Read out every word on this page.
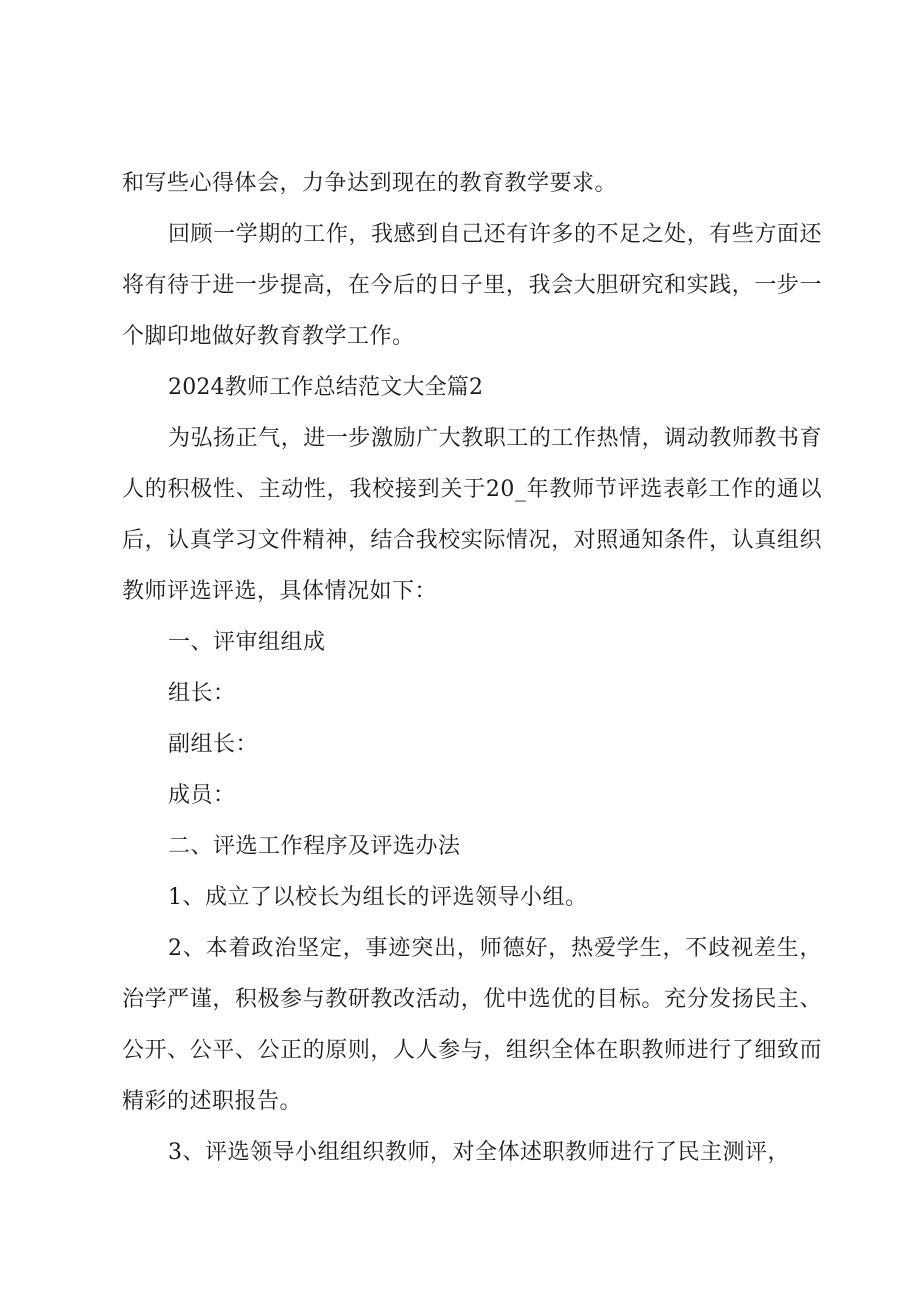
和写些心得体会，力争达到现在的教育教学要求。

回顾一学期的工作，我感到自己还有许多的不足之处，有些方面还将有待于进一步提高，在今后的日子里，我会大胆研究和实践，一步一个脚印地做好教育教学工作。

2024教师工作总结范文大全篇2

为弘扬正气，进一步激励广大教职工的工作热情，调动教师教书育人的积极性、主动性，我校接到关于20_年教师节评选表彰工作的通以后，认真学习文件精神，结合我校实际情况，对照通知条件，认真组织教师评选评选，具体情况如下：

一、评审组组成

组长：

副组长：

成员：

二、评选工作程序及评选办法

1、成立了以校长为组长的评选领导小组。

2、本着政治坚定，事迹突出，师德好，热爱学生，不歧视差生，治学严谨，积极参与教研教改活动，优中选优的目标。充分发扬民主、公开、公平、公正的原则，人人参与，组织全体在职教师进行了细致而精彩的述职报告。

3、评选领导小组组织教师，对全体述职教师进行了民主测评，
